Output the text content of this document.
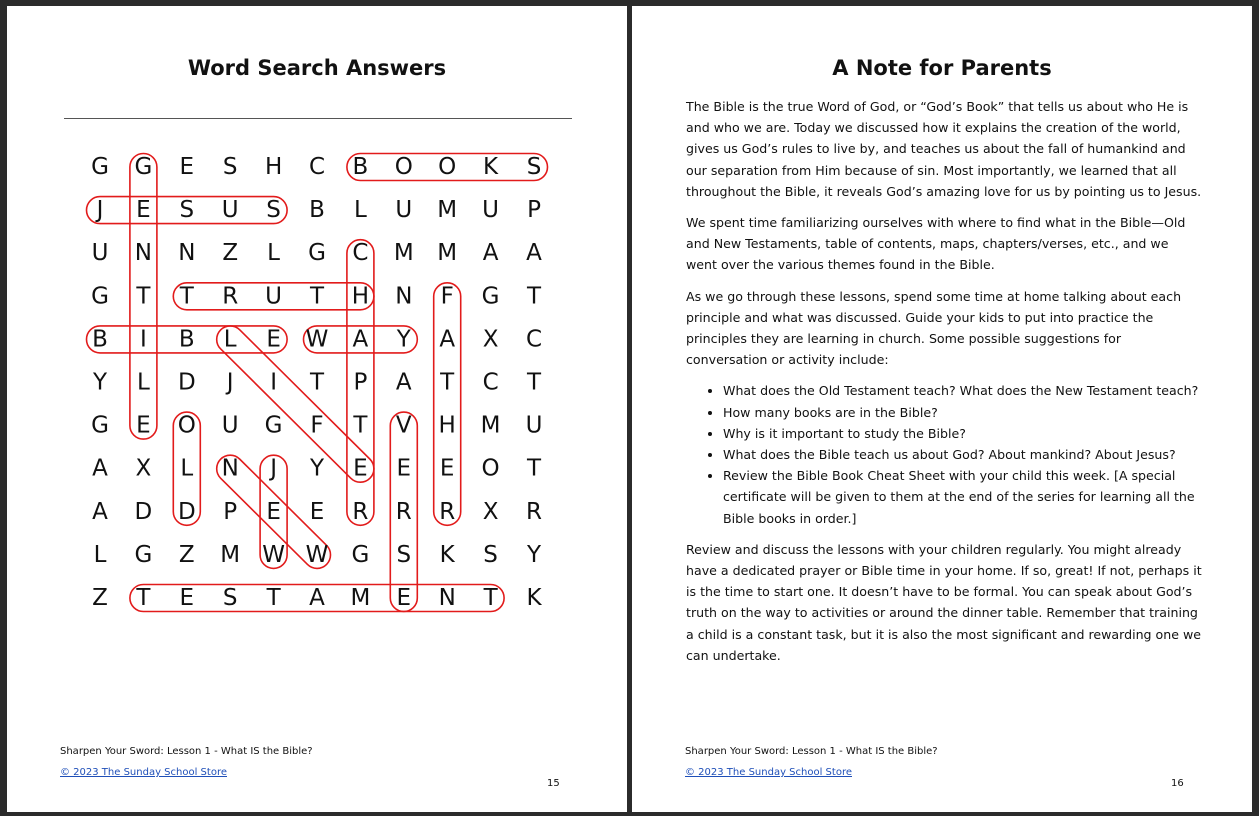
Word Search Answers
G G E S H C B O O K S
J E S U S B L U M U P
U N N Z L G C M M A A
G T T R U T H N F G T
B I B L E W A Y A X C
Y L D J I T P A T C T
G E O U G F T V H M U
A X L N J Y E E E O T
A D D P E E R R R X R
L G Z M W W G S K S Y
Z T E S T A M E N T K
Sharpen Your Sword: Lesson 1 - What IS the Bible?
© 2023 The Sunday School Store
15
A Note for Parents

The Bible is the true Word of God, or “God’s Book” that tells us about who He is and who we are. Today we discussed how it explains the creation of the world, gives us God’s rules to live by, and teaches us about the fall of humankind and our separation from Him because of sin. Most importantly, we learned that all throughout the Bible, it reveals God’s amazing love for us by pointing us to Jesus.

We spent time familiarizing ourselves with where to find what in the Bible—Old and New Testaments, table of contents, maps, chapters/verses, etc., and we went over the various themes found in the Bible.

As we go through these lessons, spend some time at home talking about each principle and what was discussed. Guide your kids to put into practice the principles they are learning in church. Some possible suggestions for conversation or activity include:

• What does the Old Testament teach? What does the New Testament teach?
• How many books are in the Bible?
• Why is it important to study the Bible?
• What does the Bible teach us about God? About mankind? About Jesus?
• Review the Bible Book Cheat Sheet with your child this week. [A special certificate will be given to them at the end of the series for learning all the Bible books in order.]

Review and discuss the lessons with your children regularly. You might already have a dedicated prayer or Bible time in your home. If so, great! If not, perhaps it is the time to start one. It doesn’t have to be formal. You can speak about God’s truth on the way to activities or around the dinner table. Remember that training a child is a constant task, but it is also the most significant and rewarding one we can undertake.

Sharpen Your Sword: Lesson 1 - What IS the Bible?
© 2023 The Sunday School Store
16
